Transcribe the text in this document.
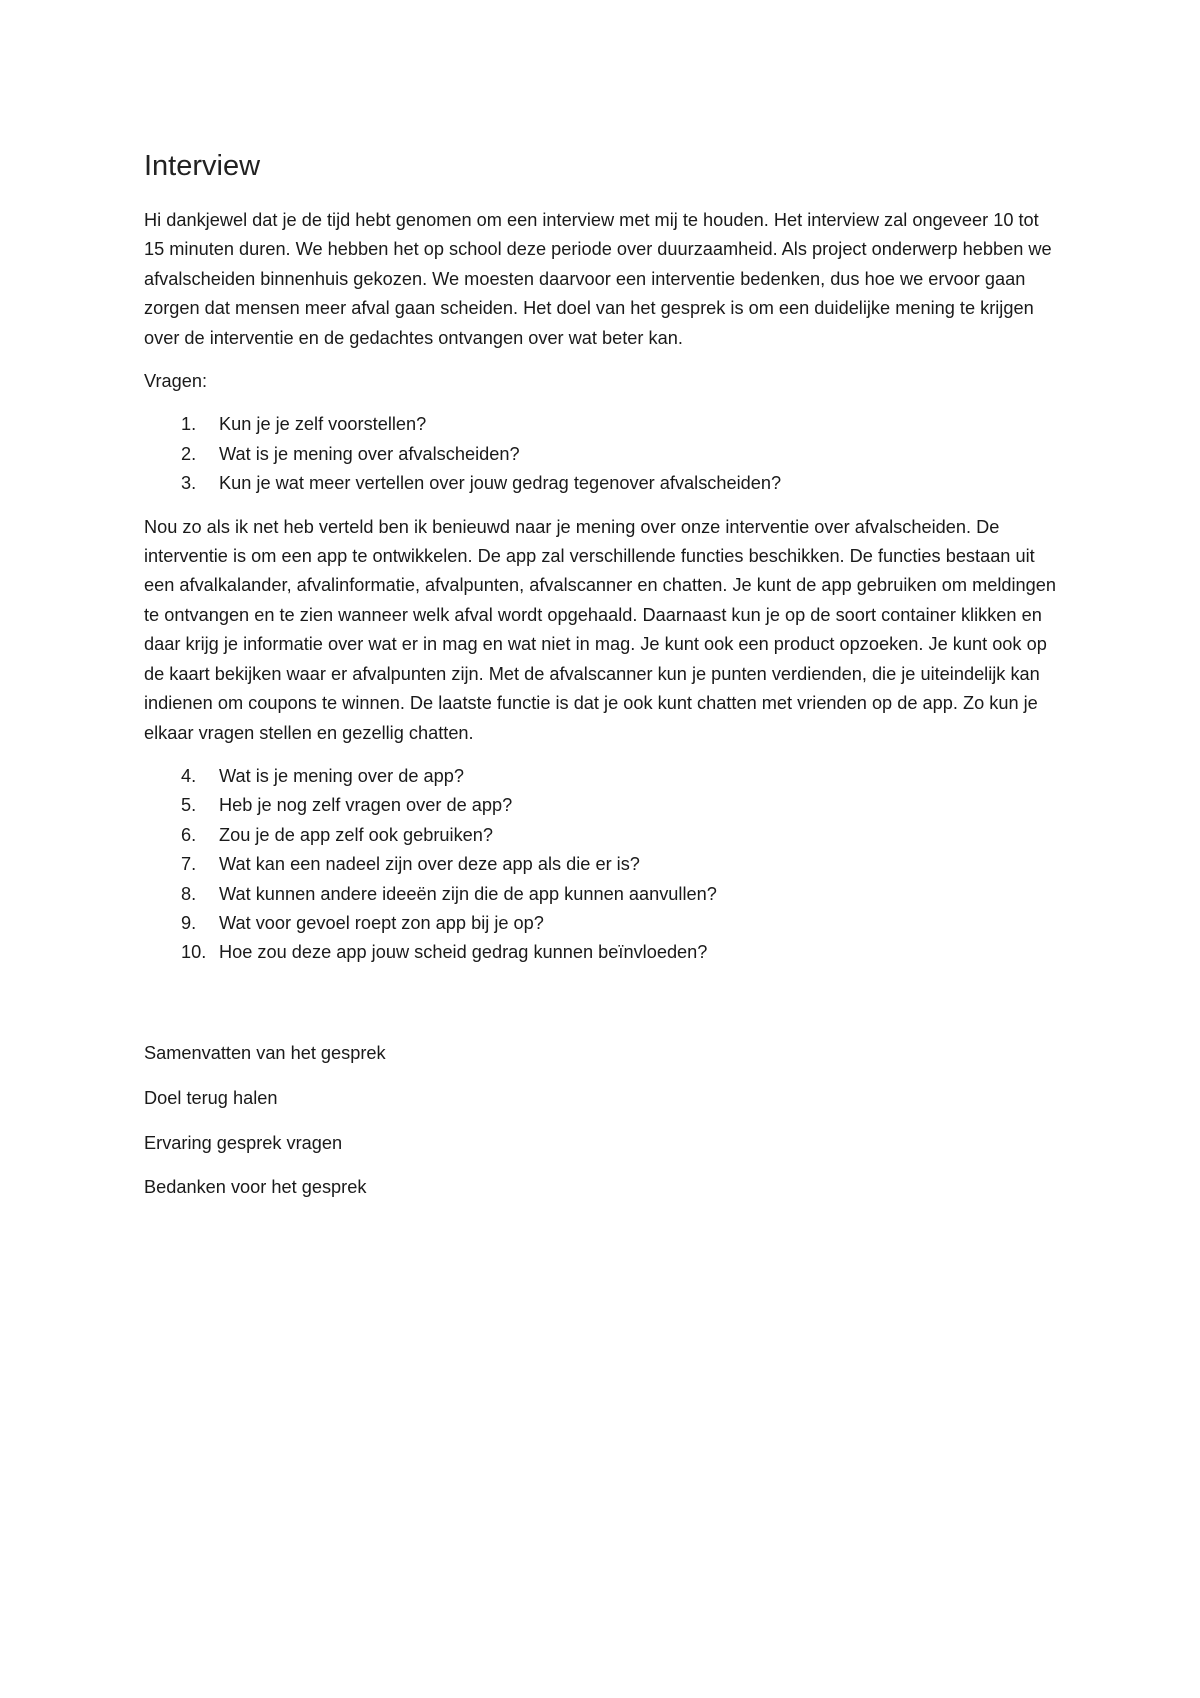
Interview

Hi dankjewel dat je de tijd hebt genomen om een interview met mij te houden. Het interview zal ongeveer 10 tot 15 minuten duren. We hebben het op school deze periode over duurzaamheid. Als project onderwerp hebben we afvalscheiden binnenhuis gekozen. We moesten daarvoor een interventie bedenken, dus hoe we ervoor gaan zorgen dat mensen meer afval gaan scheiden. Het doel van het gesprek is om een duidelijke mening te krijgen over de interventie en de gedachtes ontvangen over wat beter kan.

Vragen:

1.	Kun je je zelf voorstellen?
2.	Wat is je mening over afvalscheiden?
3.	Kun je wat meer vertellen over jouw gedrag tegenover afvalscheiden?

Nou zo als ik net heb verteld ben ik benieuwd naar je mening over onze interventie over afvalscheiden. De interventie is om een app te ontwikkelen. De app zal verschillende functies beschikken. De functies bestaan uit een afvalkalander, afvalinformatie, afvalpunten, afvalscanner en chatten. Je kunt de app gebruiken om meldingen te ontvangen en te zien wanneer welk afval wordt opgehaald. Daarnaast kun je op de soort container klikken en daar krijg je informatie over wat er in mag en wat niet in mag. Je kunt ook een product opzoeken. Je kunt ook op de kaart bekijken waar er afvalpunten zijn. Met de afvalscanner kun je punten verdienden, die je uiteindelijk kan indienen om coupons te winnen. De laatste functie is dat je ook kunt chatten met vrienden op de app. Zo kun je elkaar vragen stellen en gezellig chatten.

4.	Wat is je mening over de app?
5.	Heb je nog zelf vragen over de app?
6.	Zou je de app zelf ook gebruiken?
7.	Wat kan een nadeel zijn over deze app als die er is?
8.	Wat kunnen andere ideeën zijn die de app kunnen aanvullen?
9.	Wat voor gevoel roept zon app bij je op?
10. Hoe zou deze app jouw scheid gedrag kunnen beïnvloeden?

Samenvatten van het gesprek

Doel terug halen

Ervaring gesprek vragen

Bedanken voor het gesprek
